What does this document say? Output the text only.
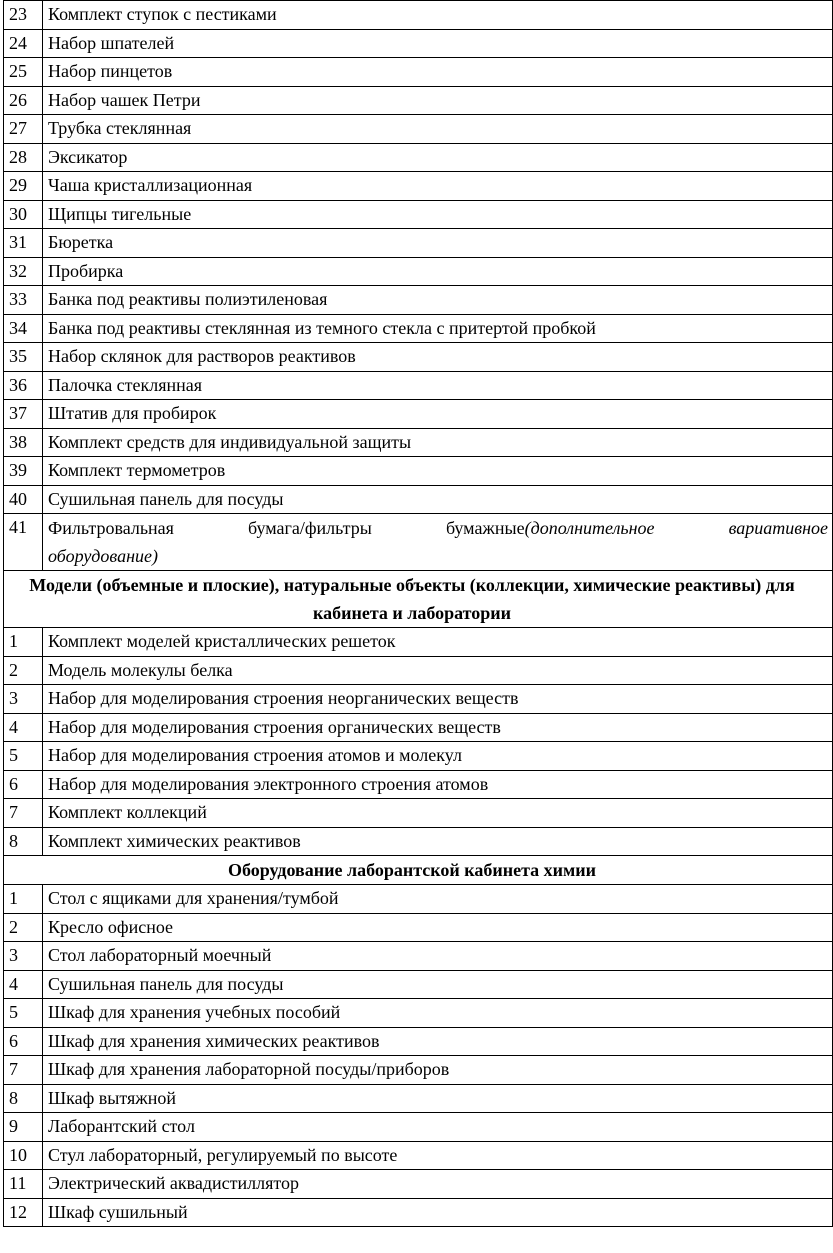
23	Комплект ступок с пестиками
24	Набор шпателей
25	Набор пинцетов
26	Набор чашек Петри
27	Трубка стеклянная
28	Эксикатор
29	Чаша кристаллизационная
30	Щипцы тигельные
31	Бюретка
32	Пробирка
33	Банка под реактивы полиэтиленовая
34	Банка под реактивы стеклянная из темного стекла с притертой пробкой
35	Набор склянок для растворов реактивов
36	Палочка стеклянная
37	Штатив для пробирок
38	Комплект средств для индивидуальной защиты
39	Комплект термометров
40	Сушильная панель для посуды
41	Фильтровальная бумага/фильтры бумажные(дополнительное вариативное
оборудование)
Модели (объемные и плоские), натуральные объекты (коллекции, химические реактивы) для кабинета и лаборатории	
1	Комплект моделей кристаллических решеток
2	Модель молекулы белка
3	Набор для моделирования строения неорганических веществ
4	Набор для моделирования строения органических веществ
5	Набор для моделирования строения атомов и молекул
6	Набор для моделирования электронного строения атомов
7	Комплект коллекций
8	Комплект химических реактивов
Оборудование лаборантской кабинета химии	
1	Стол с ящиками для хранения/тумбой
2	Кресло офисное
3	Стол лабораторный моечный
4	Сушильная панель для посуды
5	Шкаф для хранения учебных пособий
6	Шкаф для хранения химических реактивов
7	Шкаф для хранения лабораторной посуды/приборов
8	Шкаф вытяжной
9	Лаборантский стол
10	Стул лабораторный, регулируемый по высоте
11	Электрический аквадистиллятор
12	Шкаф сушильный
